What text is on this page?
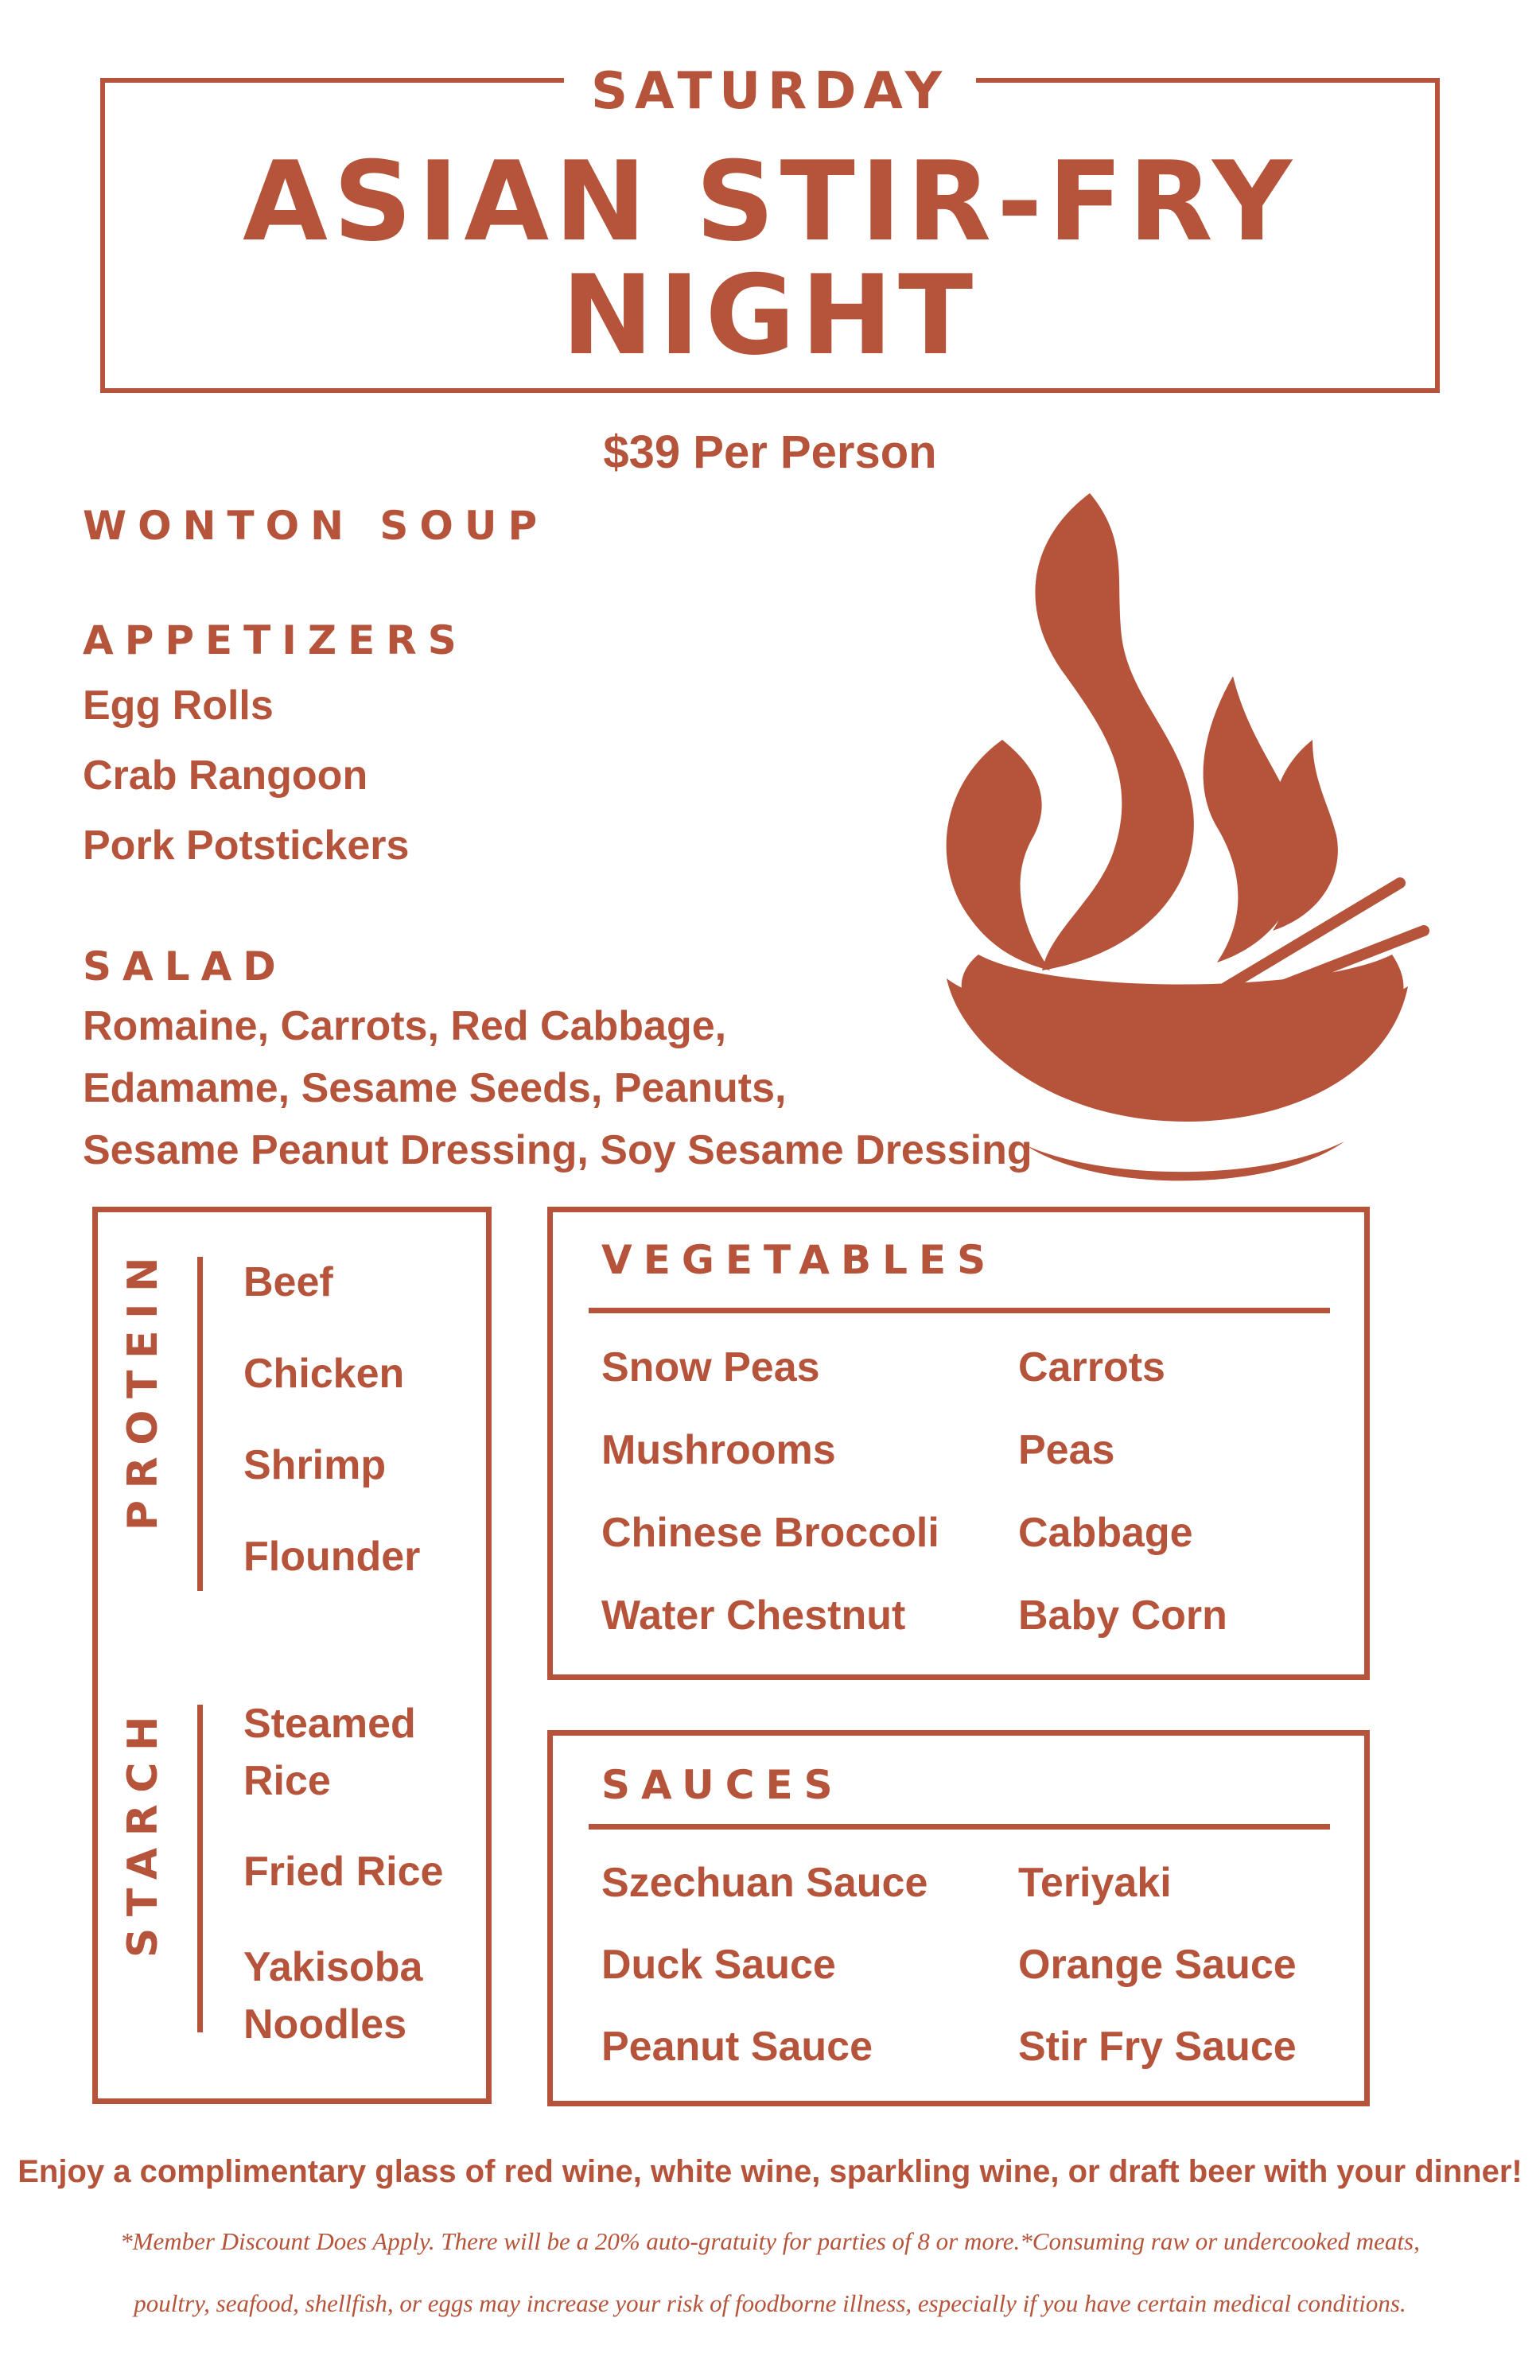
SATURDAY
ASIAN STIR-FRY
NIGHT
$39 Per Person
WONTON SOUP
APPETIZERS
Egg Rolls
Crab Rangoon
Pork Potstickers
SALAD
Romaine, Carrots, Red Cabbage,
Edamame, Sesame Seeds, Peanuts,
Sesame Peanut Dressing, Soy Sesame Dressing
PROTEIN Beef
Chicken
Shrimp
Flounder
STARCH Steamed
Rice
Fried Rice
Yakisoba
Noodles
VEGETABLES
Snow Peas
Mushrooms
Chinese Broccoli
Water Chestnut
Carrots
Peas
Cabbage
Baby Corn
SAUCES
Szechuan Sauce
Duck Sauce
Peanut Sauce
Teriyaki
Orange Sauce
Stir Fry Sauce
Enjoy a complimentary glass of red wine, white wine, sparkling wine, or draft beer with your dinner!
*Member Discount Does Apply. There will be a 20% auto-gratuity for parties of 8 or more.*Consuming raw or undercooked meats,
poultry, seafood, shellfish, or eggs may increase your risk of foodborne illness, especially if you have certain medical conditions.
